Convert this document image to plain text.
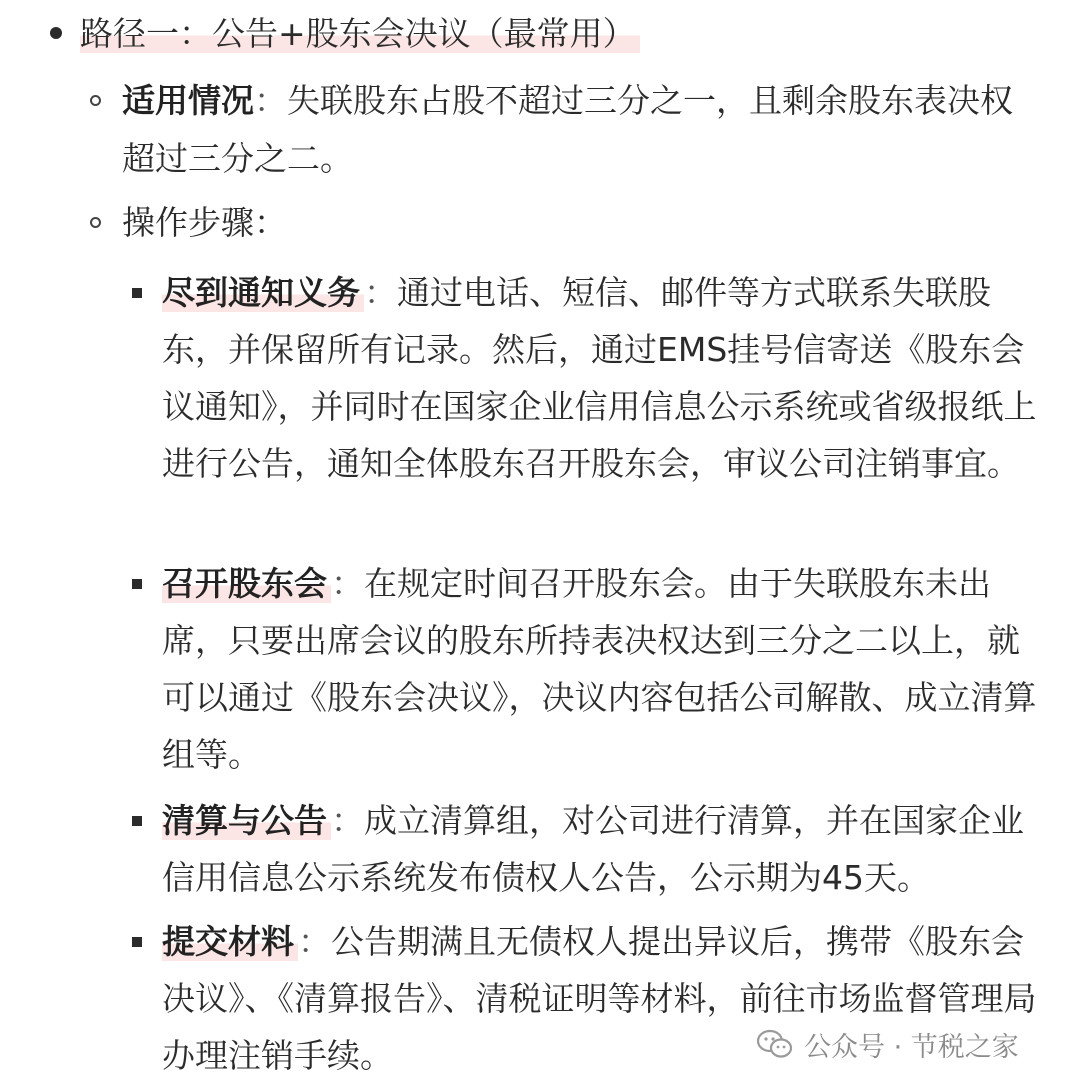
路径一：公告+股东会决议（最常用）
适用情况：失联股东占股不超过三分之一，且剩余股东表决权超过三分之二。
操作步骤：
尽到通知义务 ：通过电话、短信、邮件等方式联系失联股东，并保留所有记录。然后，通过EMS挂号信寄送《股东会议通知》，并同时在国家企业信用信息公示系统或省级报纸上进行公告，通知全体股东召开股东会，审议公司注销事宜。
召开股东会 ：在规定时间召开股东会。由于失联股东未出席，只要出席会议的股东所持表决权达到三分之二以上，就可以通过《股东会决议》，决议内容包括公司解散、成立清算组等。
清算与公告 ：成立清算组，对公司进行清算，并在国家企业信用信息公示系统发布债权人公告，公示期为45天。
提交材料 ：公告期满且无债权人提出异议后，携带《股东会决议》、《清算报告》、清税证明等材料，前往市场监督管理局办理注销手续。	公众号 · 节税之家
